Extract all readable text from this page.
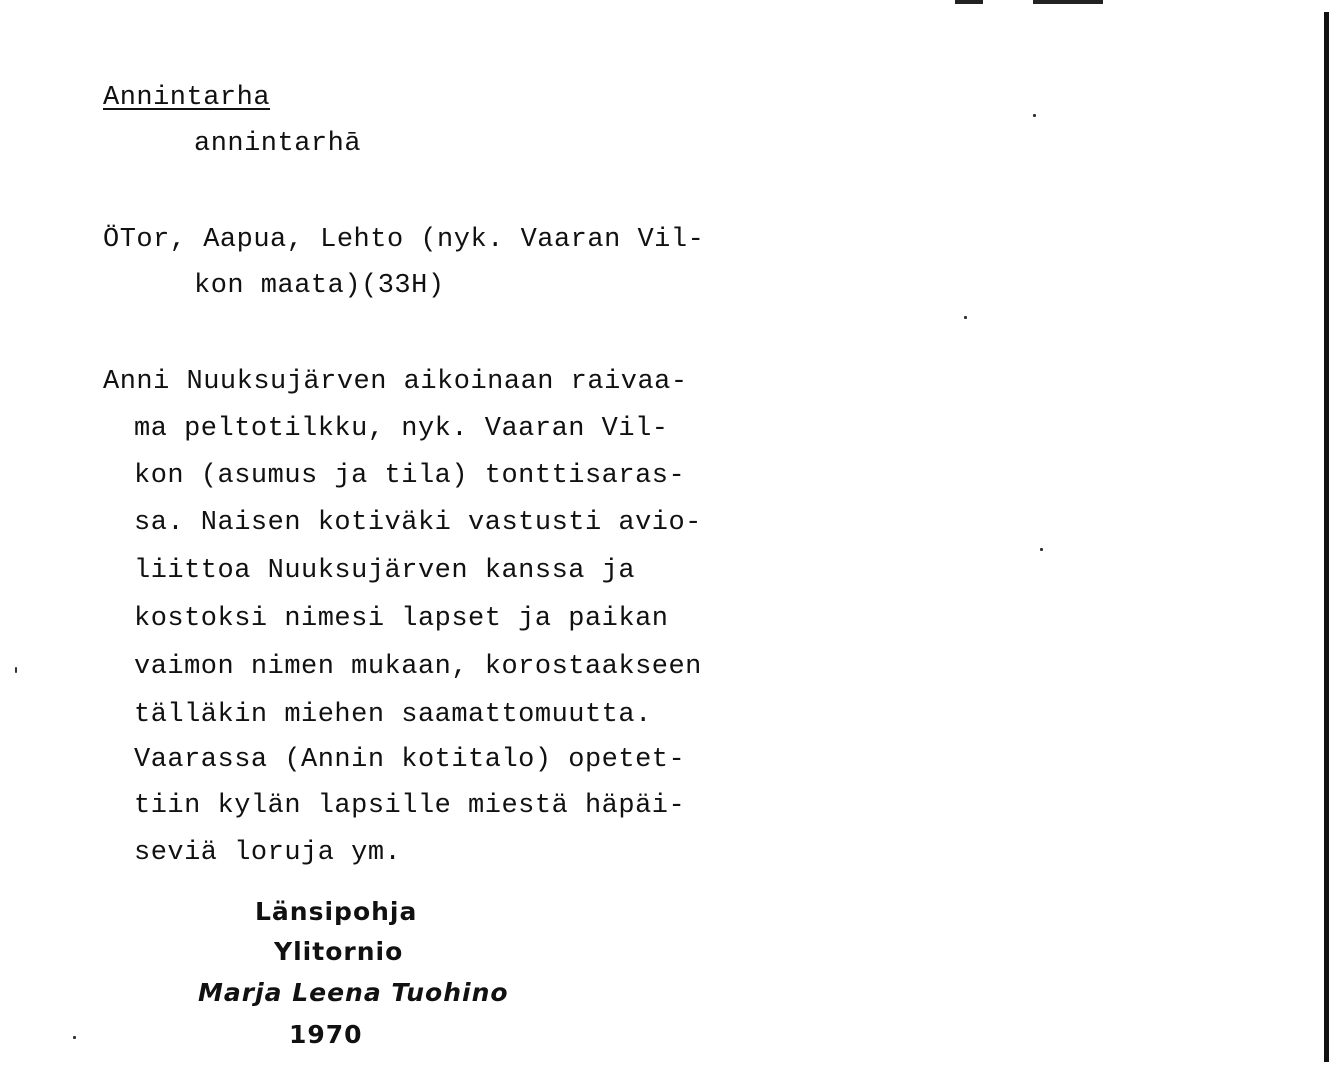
Annintarha
annintarhā
ÖTor, Aapua, Lehto (nyk. Vaaran Vil-
kon maata)(33H)
Anni Nuuksujärven aikoinaan raivaa-
ma peltotilkku, nyk. Vaaran Vil-
kon (asumus ja tila) tonttisaras-
sa. Naisen kotiväki vastusti avio-
liittoa Nuuksujärven kanssa ja
kostoksi nimesi lapset ja paikan
vaimon nimen mukaan, korostaakseen
tälläkin miehen saamattomuutta.
Vaarassa (Annin kotitalo) opetet-
tiin kylän lapsille miestä häpäi-
seviä loruja ym.
Länsipohja
Ylitornio
Marja Leena Tuohino
1970
